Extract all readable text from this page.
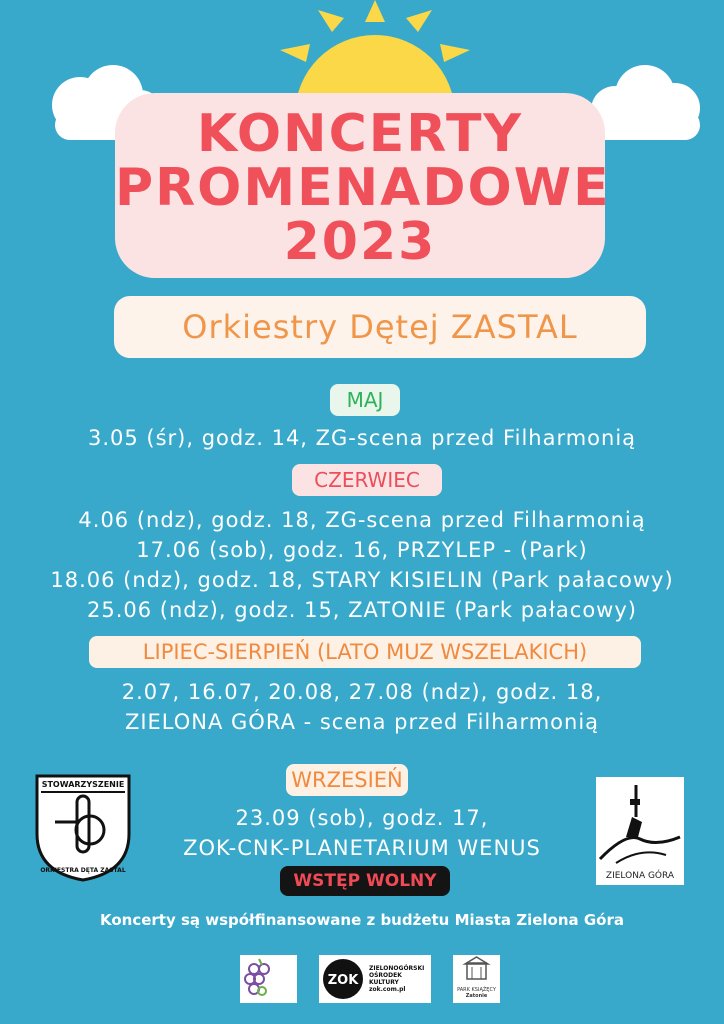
KONCERTY
PROMENADOWE
2023
Orkiestry Dętej ZASTAL
MAJ
3.05 (śr), godz. 14, ZG-scena przed Filharmonią
CZERWIEC
4.06 (ndz), godz. 18, ZG-scena przed Filharmonią
17.06 (sob), godz. 16, PRZYLEP - (Park)
18.06 (ndz), godz. 18, STARY KISIELIN (Park pałacowy)
25.06 (ndz), godz. 15, ZATONIE (Park pałacowy)
LIPIEC-SIERPIEŃ (LATO MUZ WSZELAKICH)
2.07, 16.07, 20.08, 27.08 (ndz), godz. 18,
ZIELONA GÓRA - scena przed Filharmonią
WRZESIEŃ
23.09 (sob), godz. 17,
ZOK-CNK-PLANETARIUM WENUS
WSTĘP WOLNY
STOWARZYSZENIE
ORKIESTRA DĘTA ZASTAL
ZIELONA GÓRA
Koncerty są współfinansowane z budżetu Miasta Zielona Góra
ZOK
ZIELONOGÓRSKI
OŚRODEK
KULTURY
zok.com.pl	PARK KSIĄŻĘCY
Zatonie
